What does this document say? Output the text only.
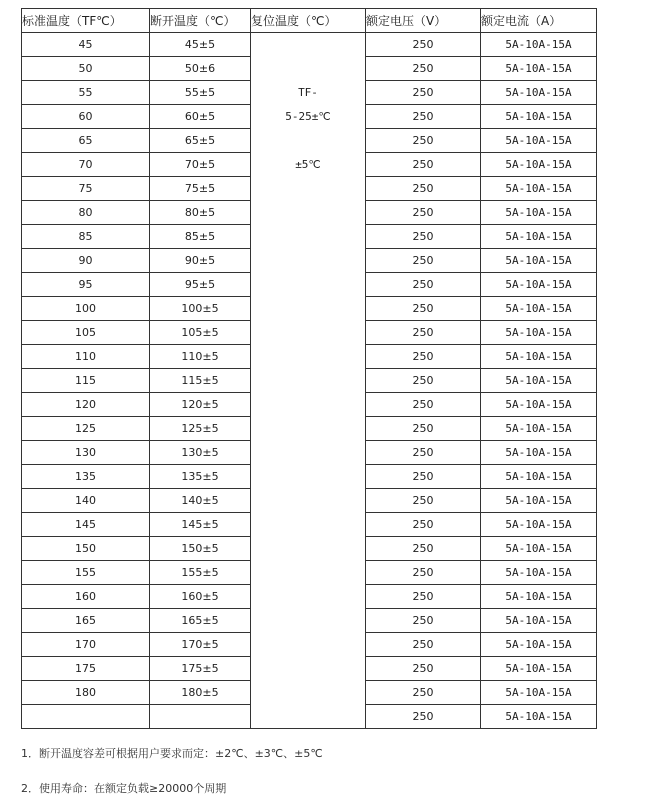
标准温度（TF℃）	断开温度（℃）	复位温度（℃）	额定电压（V）	额定电流（A）
45	45±5		250	5A-10A-15A
50	50±6		250	5A-10A-15A
55	55±5	TF-	250	5A-10A-15A
60	60±5	5-25±℃	250	5A-10A-15A
65	65±5		250	5A-10A-15A
70	70±5	±5℃	250	5A-10A-15A
75	75±5		250	5A-10A-15A
80	80±5		250	5A-10A-15A
85	85±5		250	5A-10A-15A
90	90±5		250	5A-10A-15A
95	95±5		250	5A-10A-15A
100	100±5		250	5A-10A-15A
105	105±5		250	5A-10A-15A
110	110±5		250	5A-10A-15A
115	115±5		250	5A-10A-15A
120	120±5		250	5A-10A-15A
125	125±5		250	5A-10A-15A
130	130±5		250	5A-10A-15A
135	135±5		250	5A-10A-15A
140	140±5		250	5A-10A-15A
145	145±5		250	5A-10A-15A
150	150±5		250	5A-10A-15A
155	155±5		250	5A-10A-15A
160	160±5		250	5A-10A-15A
165	165±5		250	5A-10A-15A
170	170±5		250	5A-10A-15A
175	175±5		250	5A-10A-15A
180	180±5		250	5A-10A-15A
			250	5A-10A-15A
1．断开温度容差可根据用户要求而定：±2℃、±3℃、±5℃
2．使用寿命：在额定负载≥20000个周期
